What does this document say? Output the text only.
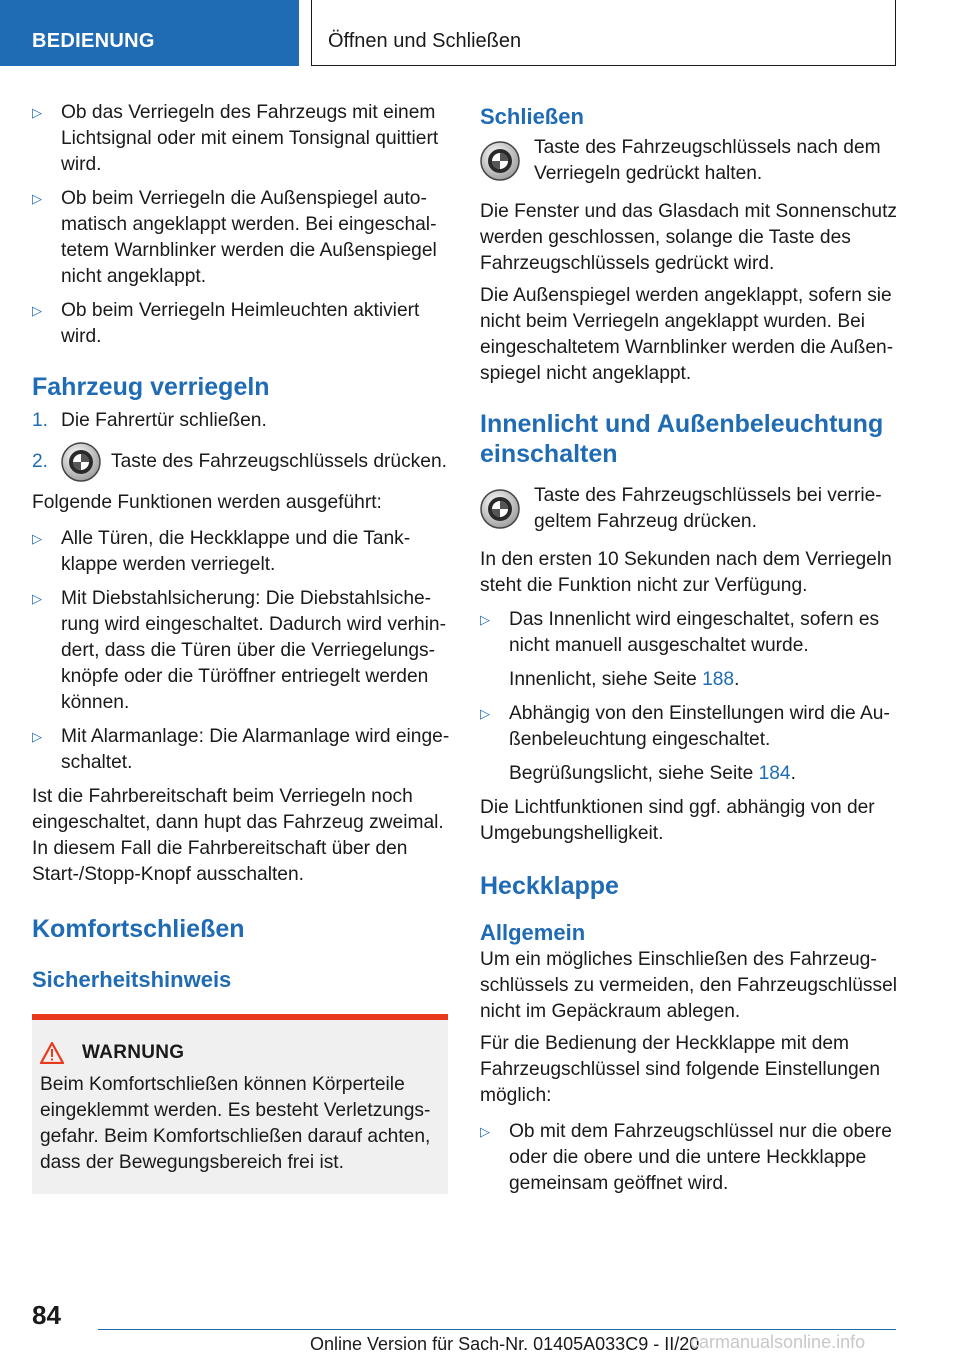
BEDIENUNG	Öffnen und Schließen
▷ Ob das Verriegeln des Fahrzeugs mit einem Lichtsignal oder mit einem Tonsignal quittiert wird.
▷ Ob beim Verriegeln die Außenspiegel automatisch angeklappt werden. Bei eingeschaltetem Warnblinker werden die Außenspiegel nicht angeklappt.
▷ Ob beim Verriegeln Heimleuchten aktiviert wird.
Fahrzeug verriegeln
1. Die Fahrertür schließen.
2.	Taste des Fahrzeugschlüssels drücken.

Folgende Funktionen werden ausgeführt:

▷ Alle Türen, die Heckklappe und die Tankklappe werden verriegelt.
▷ Mit Diebstahlsicherung: Die Diebstahlsicherung wird eingeschaltet. Dadurch wird verhindert, dass die Türen über die Verriegelungsknöpfe oder die Türöffner entriegelt werden können.
▷ Mit Alarmanlage: Die Alarmanlage wird eingeschaltet.

Ist die Fahrbereitschaft beim Verriegeln noch eingeschaltet, dann hupt das Fahrzeug zweimal. In diesem Fall die Fahrbereitschaft über den Start-/Stopp-Knopf ausschalten.

Komfortschließen
Sicherheitshinweis
WARNUNG

Beim Komfortschließen können Körperteile eingeklemmt werden. Es besteht Verletzungsgefahr. Beim Komfortschließen darauf achten, dass der Bewegungsbereich frei ist.

Schließen
Taste des Fahrzeugschlüssels nach dem Verriegeln gedrückt halten.

Die Fenster und das Glasdach mit Sonnenschutz werden geschlossen, solange die Taste des Fahrzeugschlüssels gedrückt wird.

Die Außenspiegel werden angeklappt, sofern sie nicht beim Verriegeln angeklappt wurden. Bei eingeschaltetem Warnblinker werden die Außenspiegel nicht angeklappt.

Innenlicht und Außenbeleuchtung einschalten
Taste des Fahrzeugschlüssels bei verriegeltem Fahrzeug drücken.

In den ersten 10 Sekunden nach dem Verriegeln steht die Funktion nicht zur Verfügung.

▷ Das Innenlicht wird eingeschaltet, sofern es nicht manuell ausgeschaltet wurde.

Innenlicht, siehe Seite 188.

▷ Abhängig von den Einstellungen wird die Außenbeleuchtung eingeschaltet.

Begrüßungslicht, siehe Seite 184.

Die Lichtfunktionen sind ggf. abhängig von der Umgebungshelligkeit.

Heckklappe
Allgemein

Um ein mögliches Einschließen des Fahrzeugschlüssels zu vermeiden, den Fahrzeugschlüssel nicht im Gepäckraum ablegen.

Für die Bedienung der Heckklappe mit dem Fahrzeugschlüssel sind folgende Einstellungen möglich:

▷ Ob mit dem Fahrzeugschlüssel nur die obere oder die obere und die untere Heckklappe gemeinsam geöffnet wird.
84
Online Version für Sach-Nr. 01405A033C9 - II/20
carmanualsonline.info
